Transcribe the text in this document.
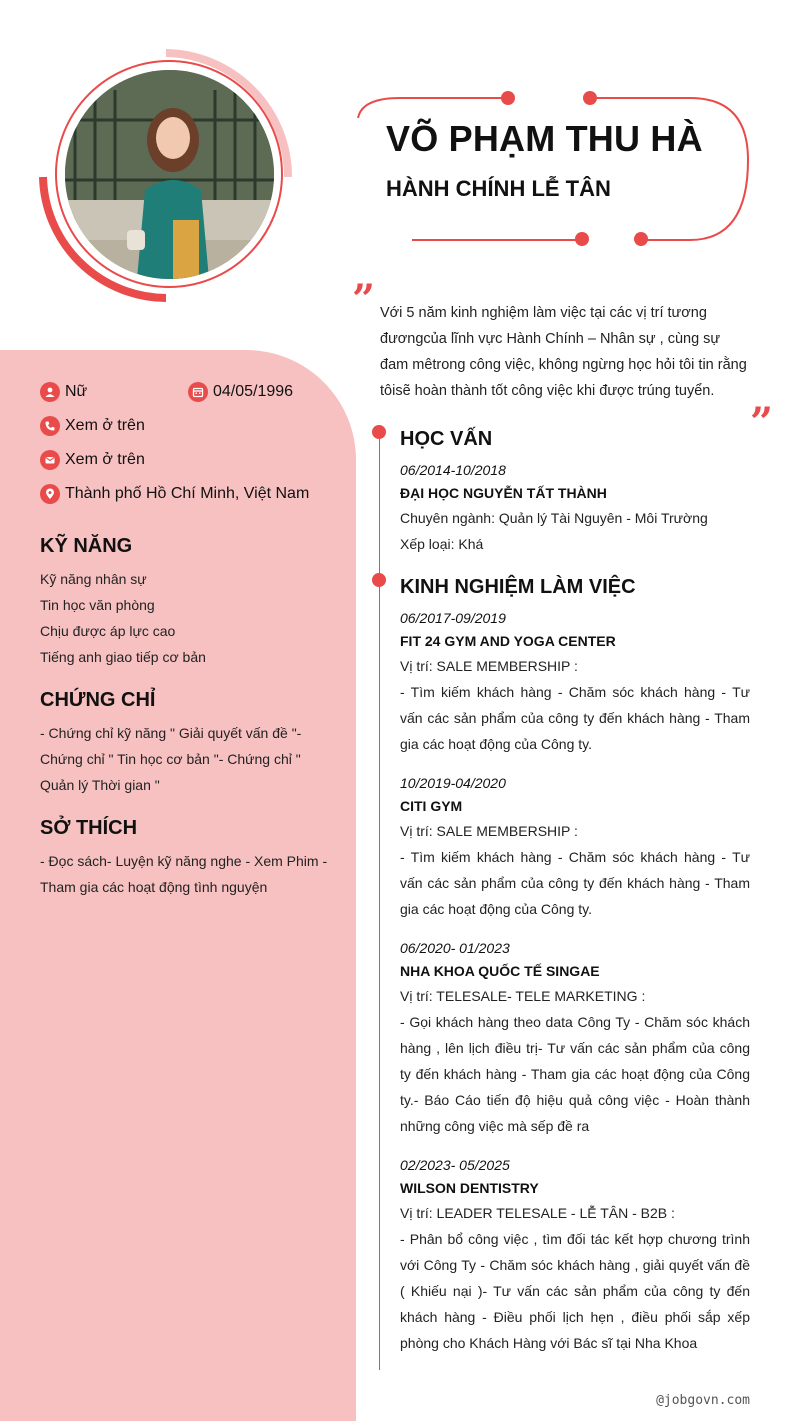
VÕ PHẠM THU HÀ
HÀNH CHÍNH LỄ TÂN
” Với 5 năm kinh nghiệm làm việc tại các vị trí tương đươngcủa lĩnh vực Hành Chính – Nhân sự , cùng sự đam mêtrong công việc, không ngừng học hỏi tôi tin rằng tôisẽ hoàn thành tốt công việc khi được trúng tuyển.
”
Nữ	04/05/1996
Xem ở trên
Xem ở trên
Thành phố Hồ Chí Minh, Việt Nam
KỸ NĂNG
Kỹ năng nhân sự
Tin học văn phòng
Chịu được áp lực cao
Tiếng anh giao tiếp cơ bản
CHỨNG CHỈ
- Chứng chỉ kỹ năng " Giải quyết vấn đề "- Chứng chỉ " Tin học cơ bản "- Chứng chỉ " Quản lý Thời gian "
SỞ THÍCH
- Đọc sách- Luyện kỹ năng nghe - Xem Phim - Tham gia các hoạt động tình nguyện
HỌC VẤN
06/2014-10/2018
ĐẠI HỌC NGUYỄN TẤT THÀNH
Chuyên ngành: Quản lý Tài Nguyên - Môi Trường
Xếp loại: Khá
KINH NGHIỆM LÀM VIỆC
06/2017-09/2019
FIT 24 GYM AND YOGA CENTER
Vị trí: SALE MEMBERSHIP :
- Tìm kiếm khách hàng - Chăm sóc khách hàng - Tư vấn các sản phẩm của công ty đến khách hàng - Tham gia các hoạt động của Công ty.
10/2019-04/2020
CITI GYM
Vị trí: SALE MEMBERSHIP :
- Tìm kiếm khách hàng - Chăm sóc khách hàng - Tư vấn các sản phẩm của công ty đến khách hàng - Tham gia các hoạt động của Công ty.
06/2020- 01/2023
NHA KHOA QUỐC TẾ SINGAE
Vị trí: TELESALE- TELE MARKETING :
- Gọi khách hàng theo data Công Ty - Chăm sóc khách hàng , lên lịch điều trị- Tư vấn các sản phẩm của công ty đến khách hàng - Tham gia các hoạt động của Công ty.- Báo Cáo tiến độ hiệu quả công việc - Hoàn thành những công việc mà sếp đề ra
02/2023- 05/2025
WILSON DENTISTRY
Vị trí: LEADER TELESALE - LỄ TÂN - B2B :
- Phân bổ công việc , tìm đối tác kết hợp chương trình với Công Ty - Chăm sóc khách hàng , giải quyết vấn đề ( Khiếu nại )- Tư vấn các sản phẩm của công ty đến khách hàng - Điều phối lịch hẹn , điều phối sắp xếp phòng cho Khách Hàng với Bác sĩ tại Nha Khoa
@jobgovn.com
